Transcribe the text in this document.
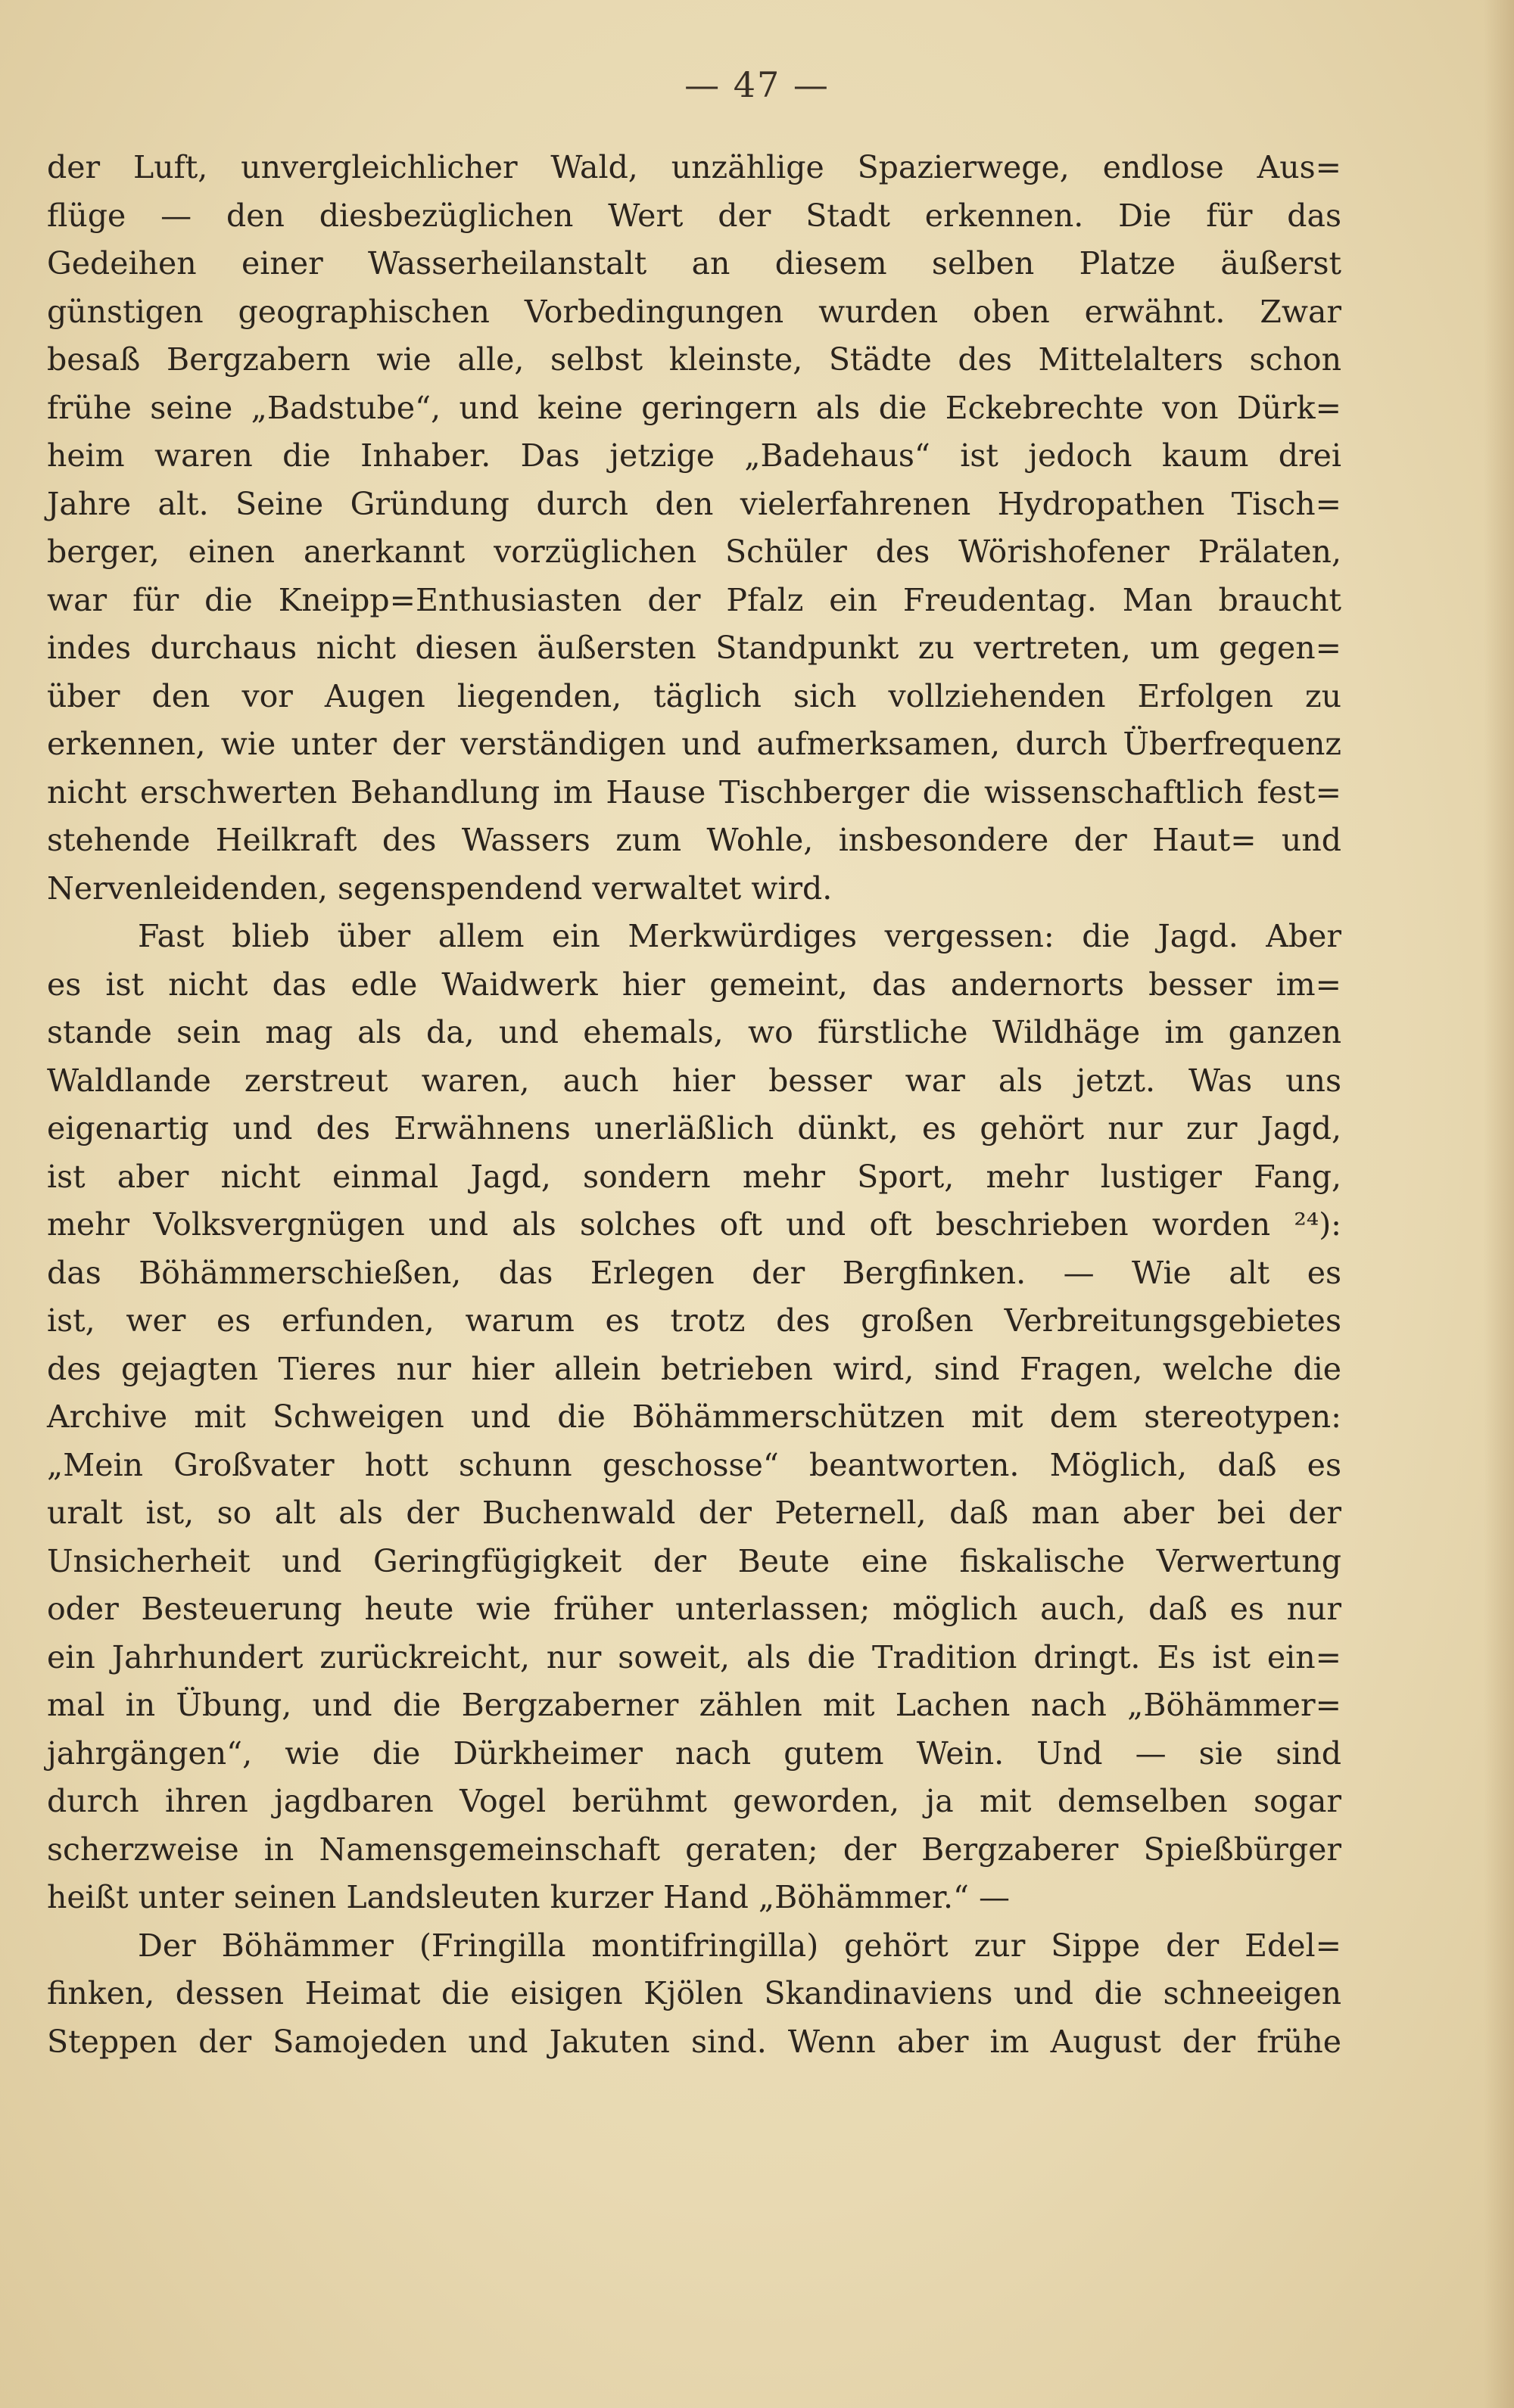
— 47 —
der Luft, unvergleichlicher Wald, unzählige Spazierwege, endlose Aus=
flüge — den diesbezüglichen Wert der Stadt erkennen. Die für das
Gedeihen einer Wasserheilanstalt an diesem selben Platze äußerst
günstigen geographischen Vorbedingungen wurden oben erwähnt. Zwar
besaß Bergzabern wie alle, selbst kleinste, Städte des Mittelalters schon
frühe seine „Badstube“, und keine geringern als die Eckebrechte von Dürk=
heim waren die Inhaber. Das jetzige „Badehaus“ ist jedoch kaum drei
Jahre alt. Seine Gründung durch den vielerfahrenen Hydropathen Tisch=
berger, einen anerkannt vorzüglichen Schüler des Wörishofener Prälaten,
war für die Kneipp=Enthusiasten der Pfalz ein Freudentag. Man braucht
indes durchaus nicht diesen äußersten Standpunkt zu vertreten, um gegen=
über den vor Augen liegenden, täglich sich vollziehenden Erfolgen zu
erkennen, wie unter der verständigen und aufmerksamen, durch Überfrequenz
nicht erschwerten Behandlung im Hause Tischberger die wissenschaftlich fest=
stehende Heilkraft des Wassers zum Wohle, insbesondere der Haut= und
Nervenleidenden, segenspendend verwaltet wird.
Fast blieb über allem ein Merkwürdiges vergessen: die Jagd. Aber
es ist nicht das edle Waidwerk hier gemeint, das andernorts besser im=
stande sein mag als da, und ehemals, wo fürstliche Wildhäge im ganzen
Waldlande zerstreut waren, auch hier besser war als jetzt. Was uns
eigenartig und des Erwähnens unerläßlich dünkt, es gehört nur zur Jagd,
ist aber nicht einmal Jagd, sondern mehr Sport, mehr lustiger Fang,
mehr Volksvergnügen und als solches oft und oft beschrieben worden ²⁴):
das Böhämmerschießen, das Erlegen der Bergfinken. — Wie alt es
ist, wer es erfunden, warum es trotz des großen Verbreitungsgebietes
des gejagten Tieres nur hier allein betrieben wird, sind Fragen, welche die
Archive mit Schweigen und die Böhämmerschützen mit dem stereotypen:
„Mein Großvater hott schunn geschosse“ beantworten. Möglich, daß es
uralt ist, so alt als der Buchenwald der Peternell, daß man aber bei der
Unsicherheit und Geringfügigkeit der Beute eine fiskalische Verwertung
oder Besteuerung heute wie früher unterlassen; möglich auch, daß es nur
ein Jahrhundert zurückreicht, nur soweit, als die Tradition dringt. Es ist ein=
mal in Übung, und die Bergzaberner zählen mit Lachen nach „Böhämmer=
jahrgängen“, wie die Dürkheimer nach gutem Wein. Und — sie sind
durch ihren jagdbaren Vogel berühmt geworden, ja mit demselben sogar
scherzweise in Namensgemeinschaft geraten; der Bergzaberer Spießbürger
heißt unter seinen Landsleuten kurzer Hand „Böhämmer.“ —
Der Böhämmer (Fringilla montifringilla) gehört zur Sippe der Edel=
finken, dessen Heimat die eisigen Kjölen Skandinaviens und die schneeigen
Steppen der Samojeden und Jakuten sind. Wenn aber im August der frühe
